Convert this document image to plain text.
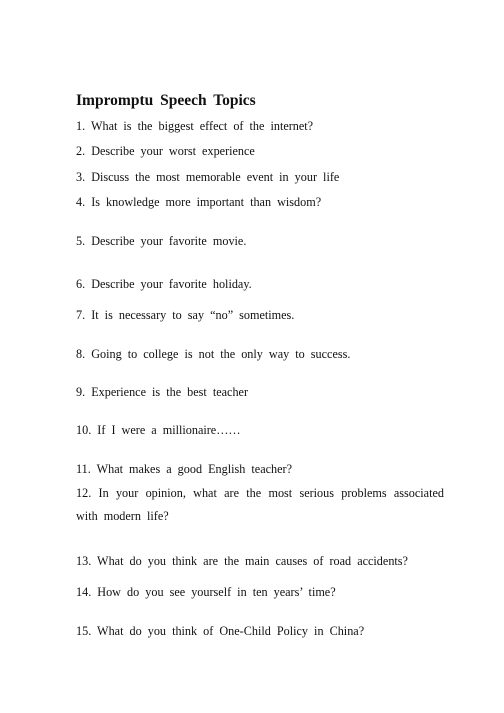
Impromptu Speech Topics
1. What is the biggest effect of the internet?
2. Describe your worst experience
3. Discuss the most memorable event in your life
4. Is knowledge more important than wisdom?
5. Describe your favorite movie.
6. Describe your favorite holiday.
7. It is necessary to say “no” sometimes.
8. Going to college is not the only way to success.
9. Experience is the best teacher
10. If I were a millionaire……
11. What makes a good English teacher?
12. In your opinion, what are the most serious problems associated with modern life?
13. What do you think are the main causes of road accidents?
14. How do you see yourself in ten years’ time?
15. What do you think of One-Child Policy in China?
